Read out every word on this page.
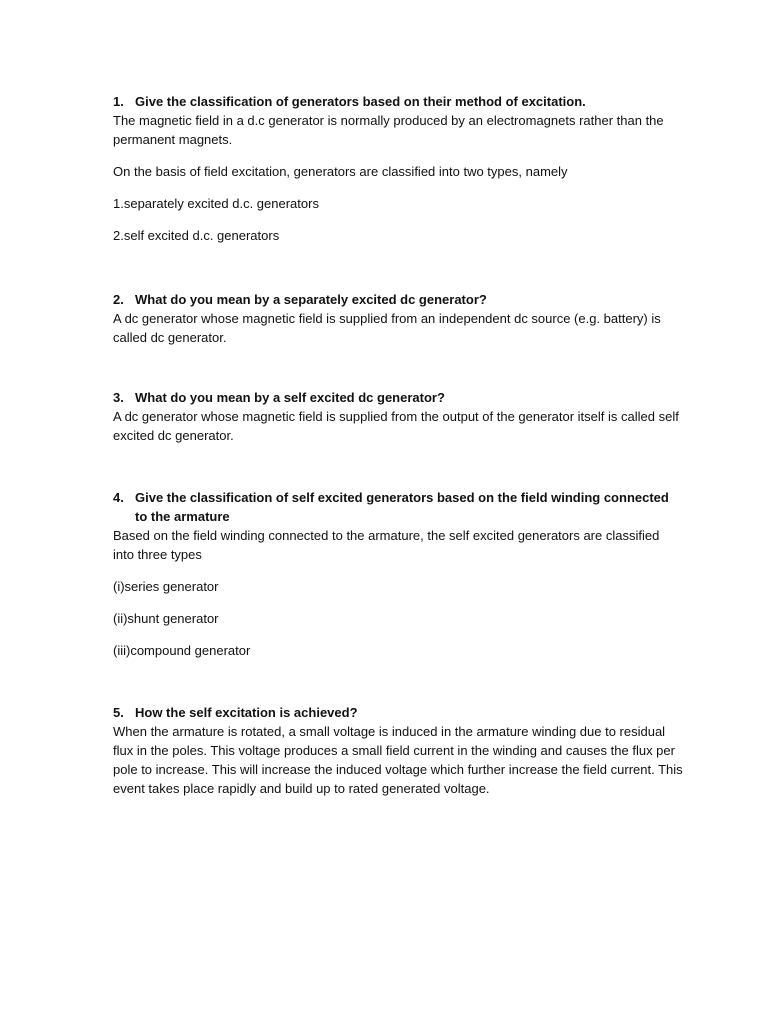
1. Give the classification of generators based on their method of excitation.

The magnetic field in a d.c generator is normally produced by an electromagnets rather than the permanent magnets.

On the basis of field excitation, generators are classified into two types, namely

1.separately excited d.c. generators

2.self excited d.c. generators

2. What do you mean by a separately excited dc generator?

A dc generator whose magnetic field is supplied from an independent dc source (e.g. battery) is called dc generator.

3. What do you mean by a self excited dc generator?

A dc generator whose magnetic field is supplied from the output of the generator itself is called self excited dc generator.

4. Give the classification of self excited generators based on the field winding connected to the armature

Based on the field winding connected to the armature, the self excited generators are classified into three types

(i)series generator

(ii)shunt generator

(iii)compound generator

5. How the self excitation is achieved?

When the armature is rotated, a small voltage is induced in the armature winding due to residual flux in the poles. This voltage produces a small field current in the winding and causes the flux per pole to increase. This will increase the induced voltage which further increase the field current. This event takes place rapidly and build up to rated generated voltage.
